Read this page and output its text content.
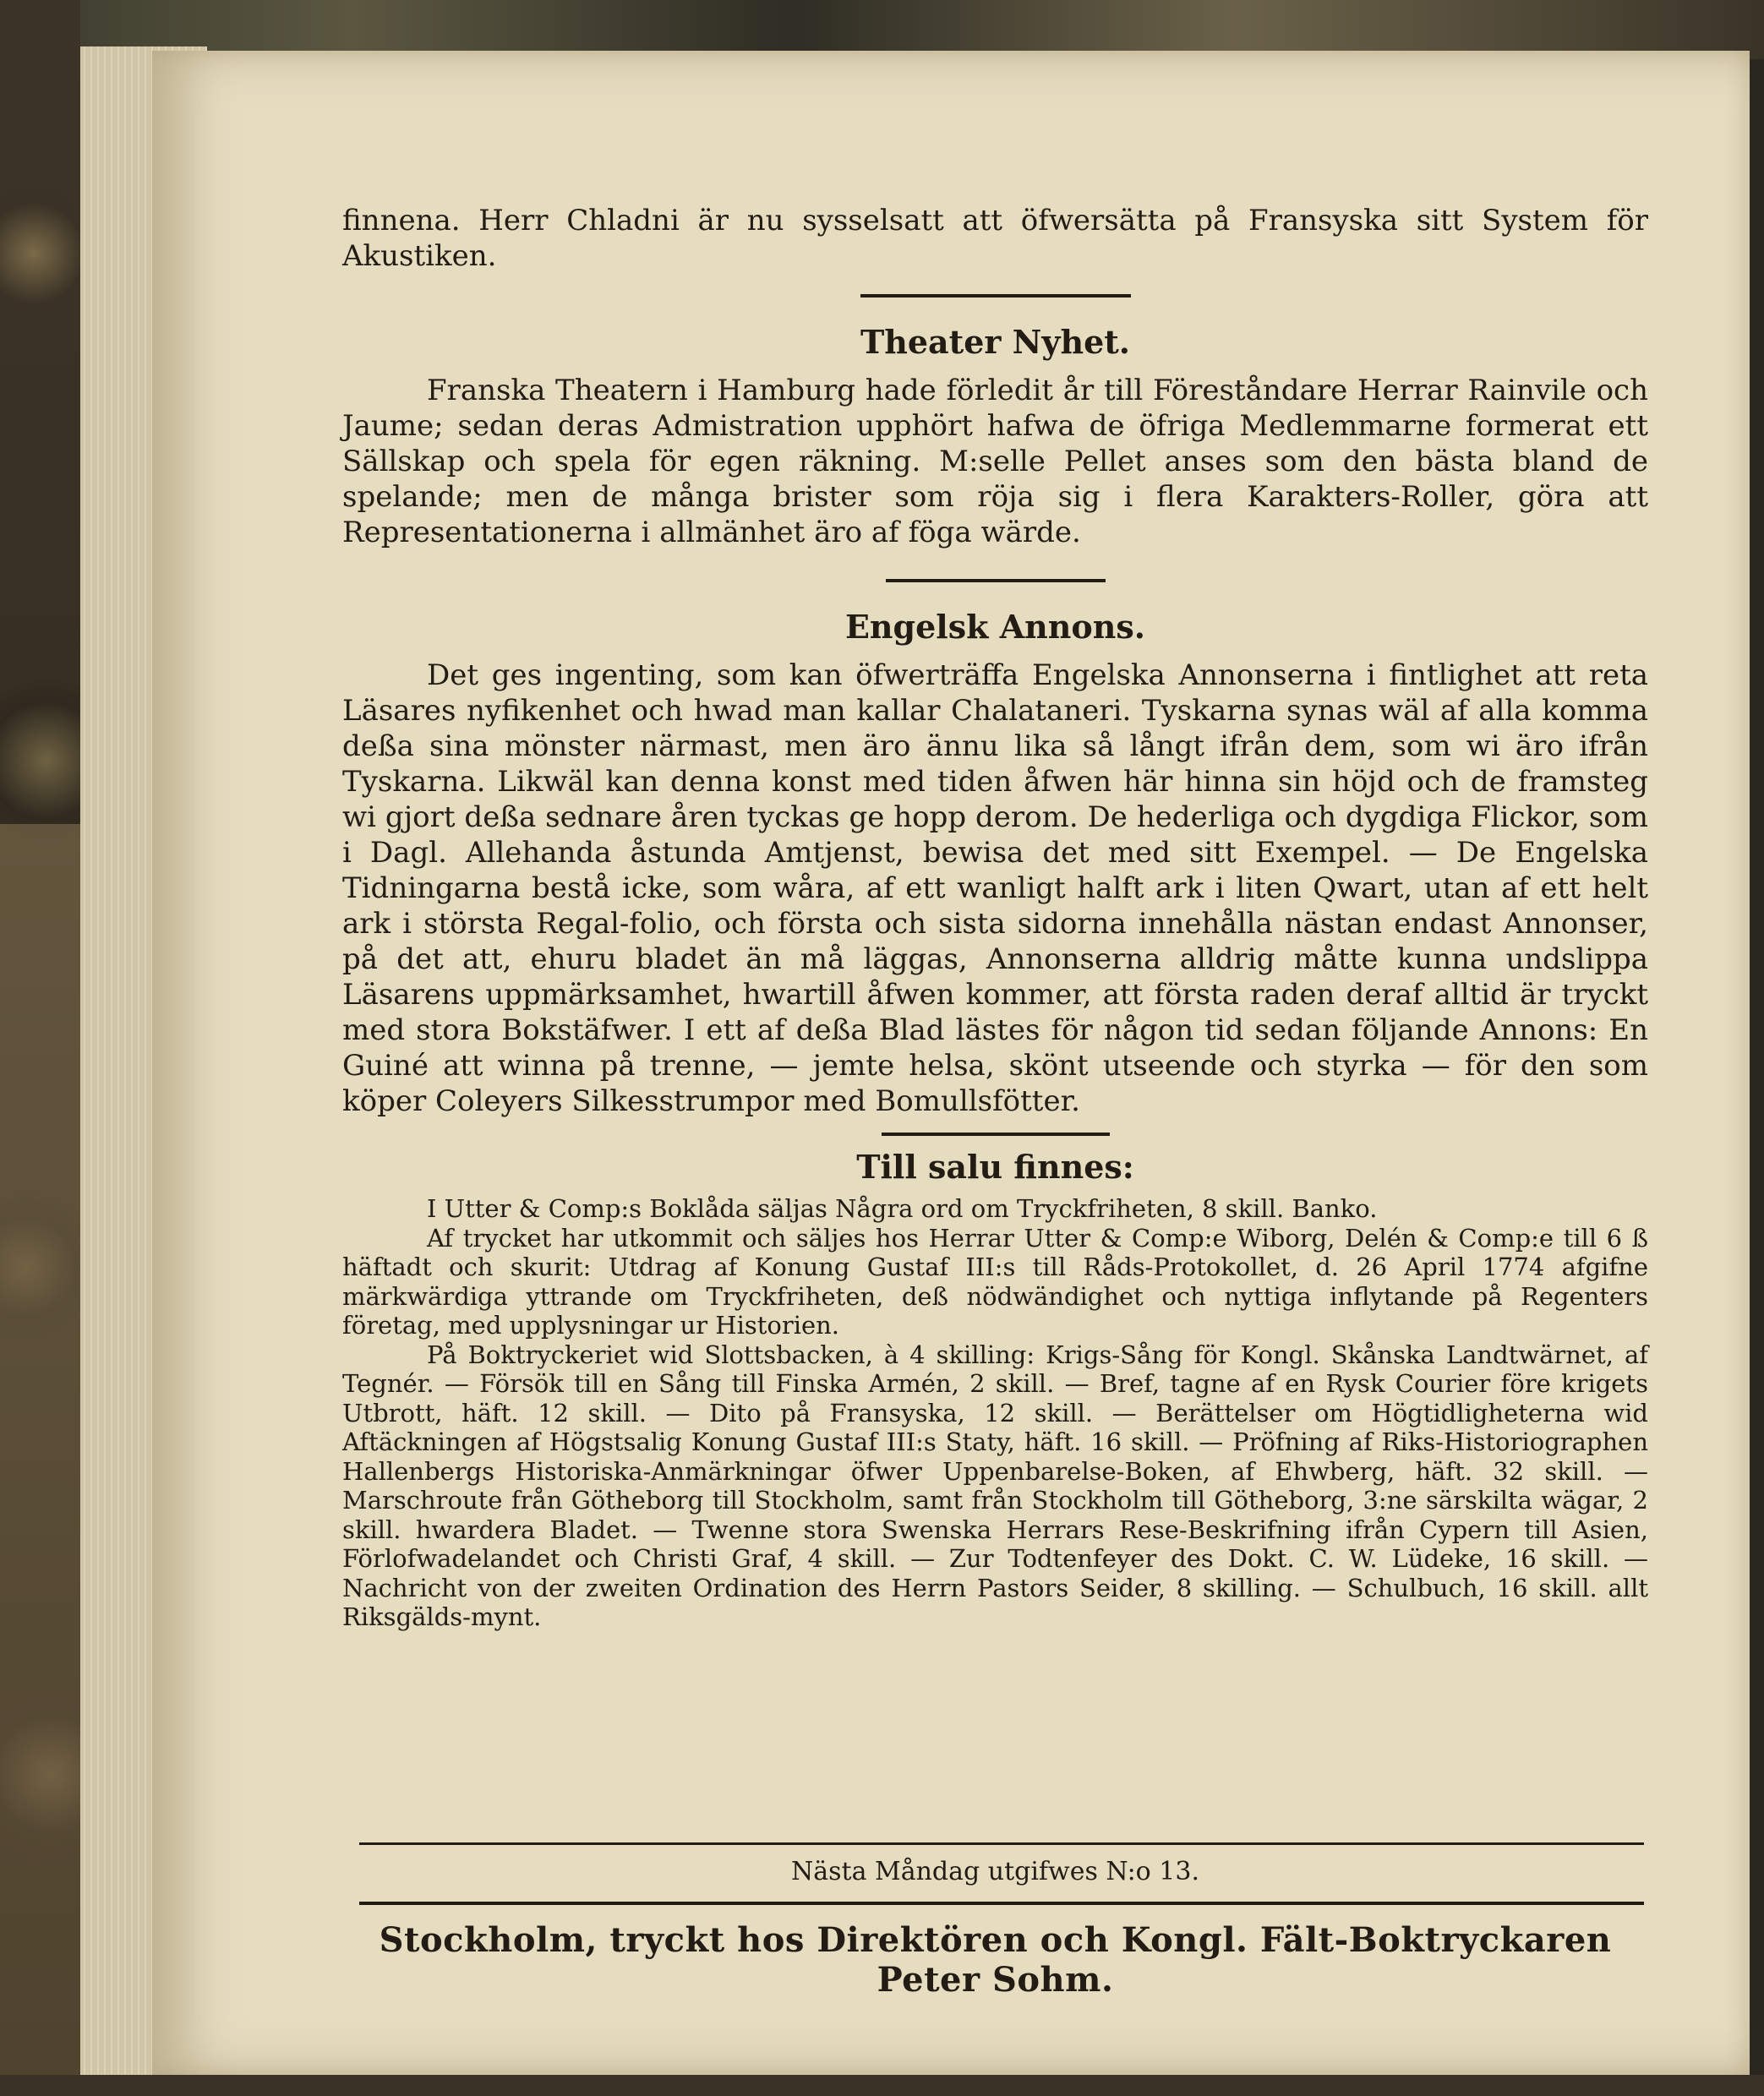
finnena. Herr Chladni är nu sysselsatt att öfwersätta på Fransyska sitt System för Akustiken.

Theater Nyhet.

Franska Theatern i Hamburg hade förledit år till Föreståndare Herrar Rainvile och Jaume; sedan deras Admistration upphört hafwa de öfriga Medlemmarne formerat ett Sällskap och spela för egen räkning. M:selle Pellet anses som den bästa bland de spelande; men de många brister som röja sig i flera Karakters-Roller, göra att Representationerna i allmänhet äro af föga wärde.

Engelsk Annons.

Det ges ingenting, som kan öfwerträffa Engelska Annonserna i fintlighet att reta Läsares nyfikenhet och hwad man kallar Chalataneri. Tyskarna synas wäl af alla komma deßa sina mönster närmast, men äro ännu lika så långt ifrån dem, som wi äro ifrån Tyskarna. Likwäl kan denna konst med tiden åfwen här hinna sin höjd och de framsteg wi gjort deßa sednare åren tyckas ge hopp derom. De hederliga och dygdiga Flickor, som i Dagl. Allehanda åstunda Amtjenst, bewisa det med sitt Exempel. — De Engelska Tidningarna bestå icke, som wåra, af ett wanligt halft ark i liten Qwart, utan af ett helt ark i största Regal-folio, och första och sista sidorna innehålla nästan endast Annonser, på det att, ehuru bladet än må läggas, Annonserna alldrig måtte kunna undslippa Läsarens uppmärksamhet, hwartill åfwen kommer, att första raden deraf alltid är tryckt med stora Bokstäfwer. I ett af deßa Blad lästes för någon tid sedan följande Annons: En Guiné att winna på trenne, — jemte helsa, skönt utseende och styrka — för den som köper Coleyers Silkesstrumpor med Bomullsfötter.

Till salu finnes:

I Utter & Comp:s Boklåda säljas Några ord om Tryckfriheten, 8 skill. Banko.

Af trycket har utkommit och säljes hos Herrar Utter & Comp:e Wiborg, Delén & Comp:e till 6 ß häftadt och skurit: Utdrag af Konung Gustaf III:s till Råds-Protokollet, d. 26 April 1774 afgifne märkwärdiga yttrande om Tryckfriheten, deß nödwändighet och nyttiga inflytande på Regenters företag, med upplysningar ur Historien.

På Boktryckeriet wid Slottsbacken, à 4 skilling: Krigs-Sång för Kongl. Skånska Landtwärnet, af Tegnér. — Försök till en Sång till Finska Armén, 2 skill. — Bref, tagne af en Rysk Courier före krigets Utbrott, häft. 12 skill. — Dito på Fransyska, 12 skill. — Berättelser om Högtidligheterna wid Aftäckningen af Högstsalig Konung Gustaf III:s Staty, häft. 16 skill. — Pröfning af Riks-Historiographen Hallenbergs Historiska-Anmärkningar öfwer Uppenbarelse-Boken, af Ehwberg, häft. 32 skill. — Marschroute från Götheborg till Stockholm, samt från Stockholm till Götheborg, 3:ne särskilta wägar, 2 skill. hwardera Bladet. — Twenne stora Swenska Herrars Rese-Beskrifning ifrån Cypern till Asien, Förlofwadelandet och Christi Graf, 4 skill. — Zur Todtenfeyer des Dokt. C. W. Lüdeke, 16 skill. — Nachricht von der zweiten Ordination des Herrn Pastors Seider, 8 skilling. — Schulbuch, 16 skill. allt Riksgälds-mynt.

Nästa Måndag utgifwes N:o 13.
Stockholm, tryckt hos Direktören och Kongl. Fält-Boktryckaren Peter Sohm.
